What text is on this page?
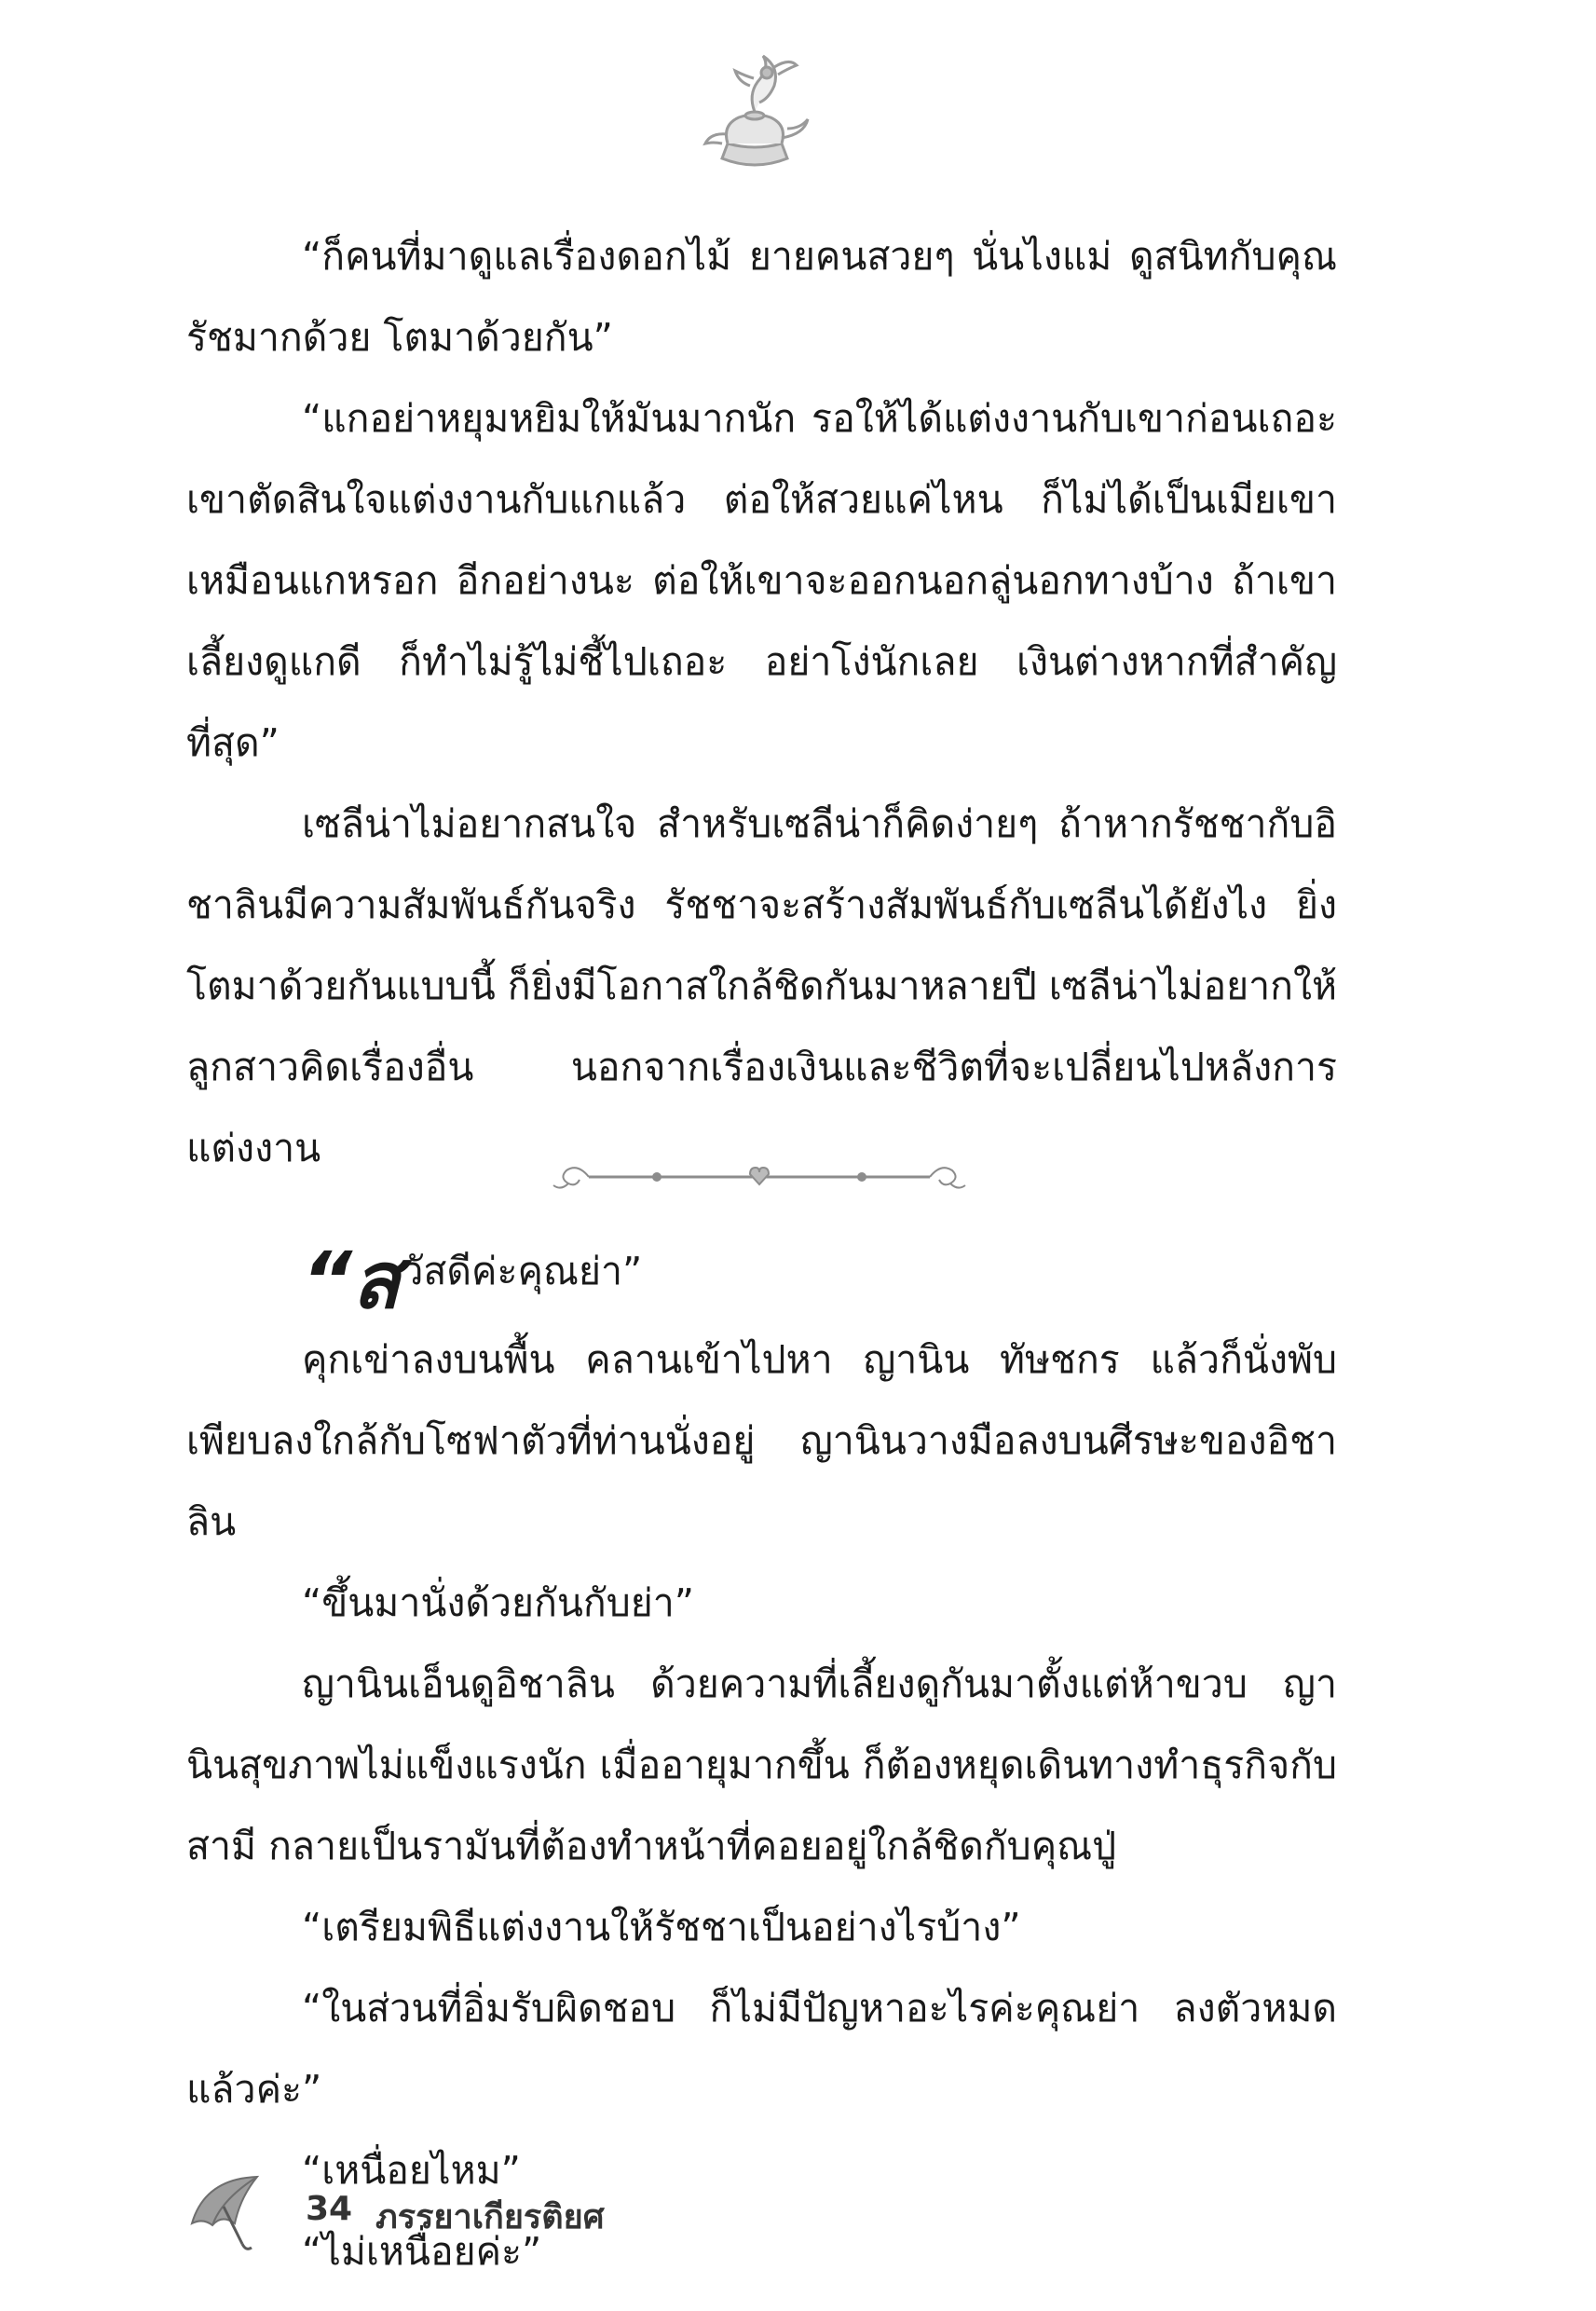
“ก็คนที่มาดูแลเรื่องดอกไม้ ยายคนสวยๆ นั่นไงแม่ ดูสนิทกับคุณรัชมากด้วย โตมาด้วยกัน”

“แกอย่าหยุมหยิมให้มันมากนัก รอให้ได้แต่งงานกับเขาก่อนเถอะ เขาตัดสินใจแต่งงานกับแกแล้ว ต่อให้สวยแค่ไหน ก็ไม่ได้เป็นเมียเขาเหมือนแกหรอก อีกอย่างนะ ต่อให้เขาจะออกนอกลู่นอกทางบ้าง ถ้าเขาเลี้ยงดูแกดี ก็ทำไม่รู้ไม่ชี้ไปเถอะ อย่าโง่นักเลย เงินต่างหากที่สำคัญที่สุด”

เซลีน่าไม่อยากสนใจ สำหรับเซลีน่าก็คิดง่ายๆ ถ้าหากรัชชากับอิชาลินมีความสัมพันธ์กันจริง รัชชาจะสร้างสัมพันธ์กับเซลีนได้ยังไง ยิ่งโตมาด้วยกันแบบนี้ ก็ยิ่งมีโอกาสใกล้ชิดกันมาหลายปี เซลีน่าไม่อยากให้ลูกสาวคิดเรื่องอื่น นอกจากเรื่องเงินและชีวิตที่จะเปลี่ยนไปหลังการแต่งงาน

“ส วัสดีค่ะคุณย่า”

คุกเข่าลงบนพื้น คลานเข้าไปหา ญานิน ทัษชกร แล้วก็นั่งพับเพียบลงใกล้กับโซฟาตัวที่ท่านนั่งอยู่ ญานินวางมือลงบนศีรษะของอิชาลิน

“ขึ้นมานั่งด้วยกันกับย่า”

ญานินเอ็นดูอิชาลิน ด้วยความที่เลี้ยงดูกันมาตั้งแต่ห้าขวบ ญานินสุขภาพไม่แข็งแรงนัก เมื่ออายุมากขึ้น ก็ต้องหยุดเดินทางทำธุรกิจกับสามี กลายเป็นรามันที่ต้องทำหน้าที่คอยอยู่ใกล้ชิดกับคุณปู่

“เตรียมพิธีแต่งงานให้รัชชาเป็นอย่างไรบ้าง”

“ในส่วนที่อิ่มรับผิดชอบ ก็ไม่มีปัญหาอะไรค่ะคุณย่า ลงตัวหมดแล้วค่ะ”

“เหนื่อยไหม”

“ไม่เหนื่อยค่ะ”

34 ภรรยาเกียรติยศ
